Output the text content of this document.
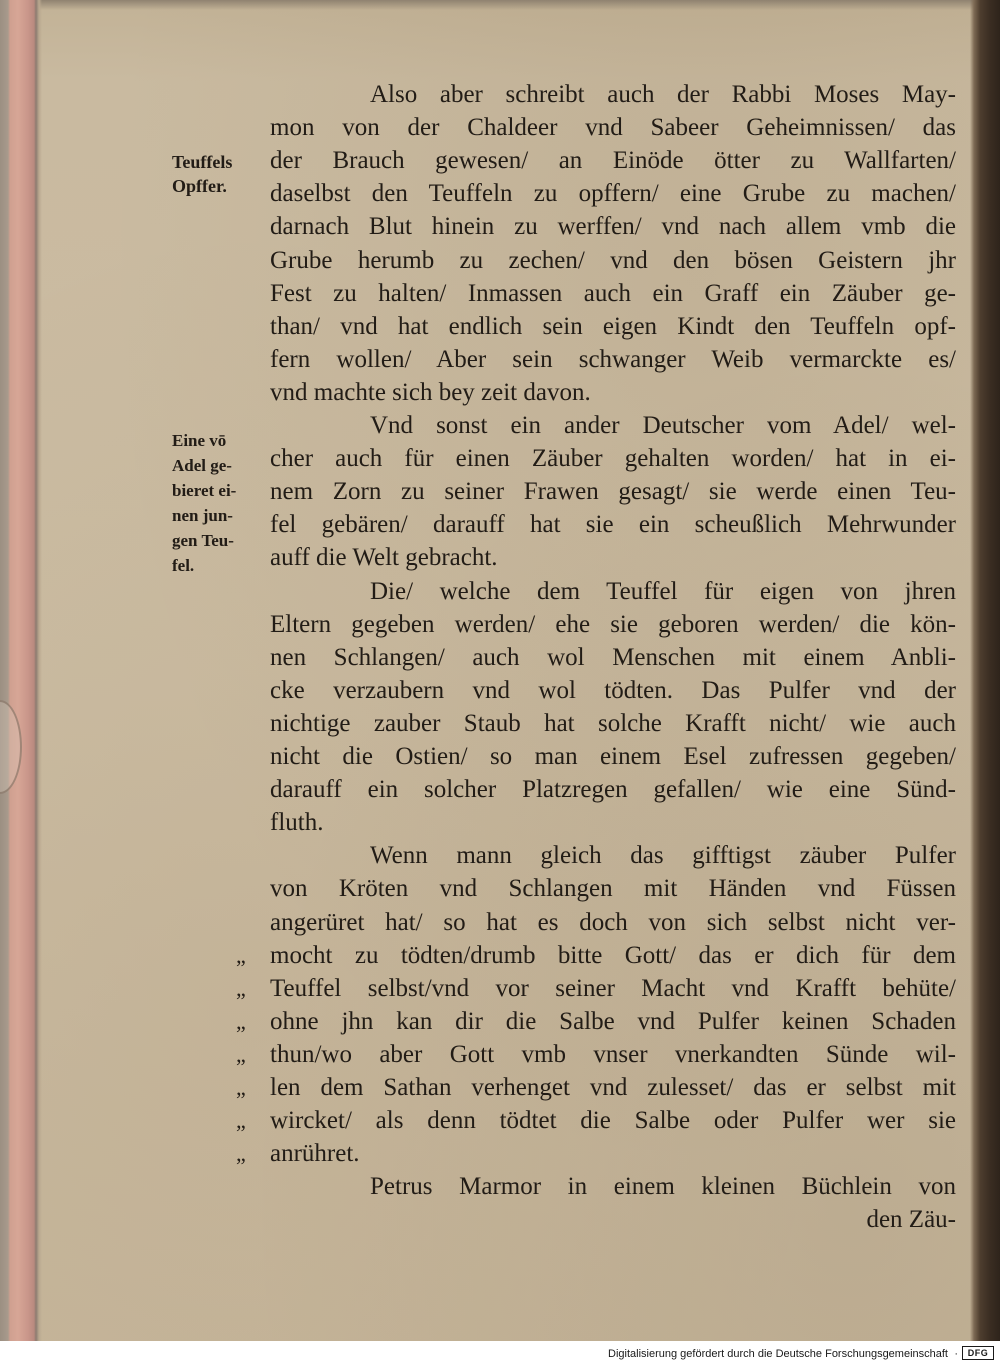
Teuffels
Opffer.
Eine vō
Adel ge-
bieret ei-
nen jun-
gen Teu-
fel.
Also aber schreibt auch der Rabbi Moses May-
mon von der Chaldeer vnd Sabeer Geheimnissen/ das
der Brauch gewesen/ an Einöde ötter zu Wallfarten/
daselbst den Teuffeln zu opffern/ eine Grube zu machen/
darnach Blut hinein zu werffen/ vnd nach allem vmb die
Grube herumb zu zechen/ vnd den bösen Geistern jhr
Fest zu halten/ Inmassen auch ein Graff ein Zäuber ge-
than/ vnd hat endlich sein eigen Kindt den Teuffeln opf-
fern wollen/ Aber sein schwanger Weib vermarckte es/
vnd machte sich bey zeit davon.
Vnd sonst ein ander Deutscher vom Adel/ wel-
cher auch für einen Zäuber gehalten worden/ hat in ei-
nem Zorn zu seiner Frawen gesagt/ sie werde einen Teu-
fel gebären/ darauff hat sie ein scheußlich Mehrwunder
auff die Welt gebracht.
Die/ welche dem Teuffel für eigen von jhren
Eltern gegeben werden/ ehe sie geboren werden/ die kön-
nen Schlangen/ auch wol Menschen mit einem Anbli-
cke verzaubern vnd wol tödten. Das Pulfer vnd der
nichtige zauber Staub hat solche Krafft nicht/ wie auch
nicht die Ostien/ so man einem Esel zufressen gegeben/
darauff ein solcher Platzregen gefallen/ wie eine Sünd-
fluth.
Wenn mann gleich das gifftigst zäuber Pulfer
von Kröten vnd Schlangen mit Händen vnd Füssen
angerüret hat/ so hat es doch von sich selbst nicht ver-
„ mocht zu tödten/drumb bitte Gott/ das er dich für dem
„ Teuffel selbst/vnd vor seiner Macht vnd Krafft behüte/
„ ohne jhn kan dir die Salbe vnd Pulfer keinen Schaden
„ thun/wo aber Gott vmb vnser vnerkandten Sünde wil-
„ len dem Sathan verhenget vnd zulesset/ das er selbst mit
„ wircket/ als denn tödtet die Salbe oder Pulfer wer sie
„ anrühret.
Petrus Marmor in einem kleinen Büchlein von
den Zäu-
Digitalisierung gefördert durch die Deutsche Forschungsgemeinschaft ·	DFG
